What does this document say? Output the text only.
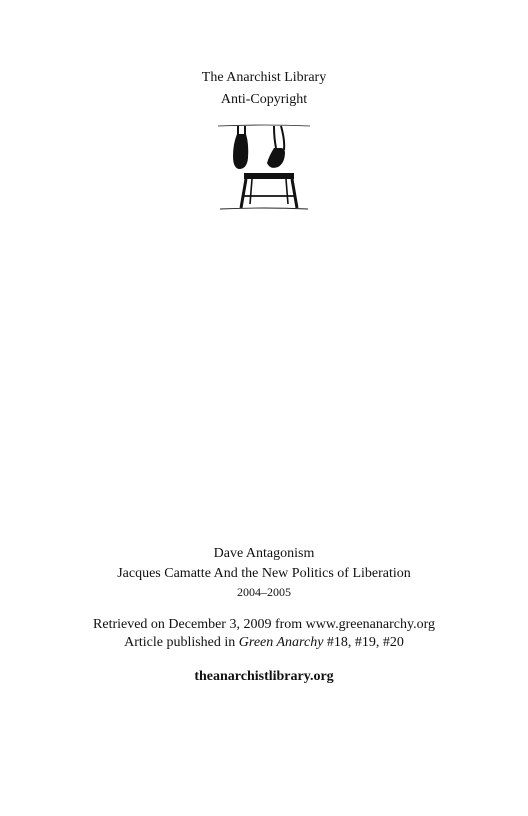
The Anarchist Library
Anti-Copyright
Dave Antagonism
Jacques Camatte And the New Politics of Liberation
2004–2005
Retrieved on December 3, 2009 from www.greenanarchy.org
Article published in Green Anarchy #18, #19, #20
theanarchistlibrary.org
